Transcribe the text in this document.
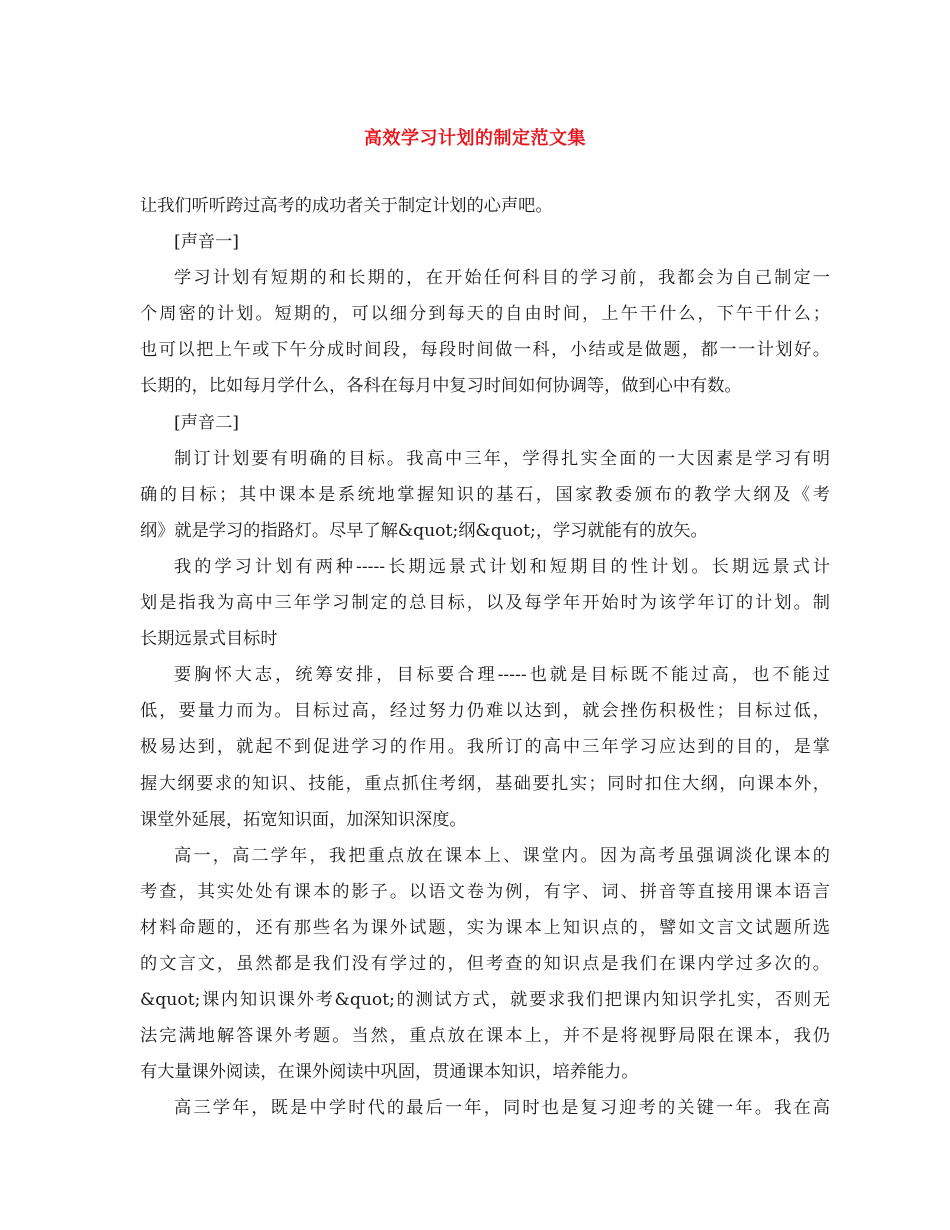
高效学习计划的制定范文集
让我们听听跨过高考的成功者关于制定计划的心声吧。
[声音一]
学习计划有短期的和长期的，在开始任何科目的学习前，我都会为自己制定一
个周密的计划。短期的，可以细分到每天的自由时间，上午干什么，下午干什么；
也可以把上午或下午分成时间段，每段时间做一科，小结或是做题，都一一计划好。
长期的，比如每月学什么，各科在每月中复习时间如何协调等，做到心中有数。
[声音二]
制订计划要有明确的目标。我高中三年，学得扎实全面的一大因素是学习有明
确的目标；其中课本是系统地掌握知识的基石，国家教委颁布的教学大纲及《考
纲》就是学习的指路灯。尽早了解&quot;纲&quot;，学习就能有的放矢。
我的学习计划有两种-----长期远景式计划和短期目的性计划。长期远景式计
划是指我为高中三年学习制定的总目标，以及每学年开始时为该学年订的计划。制
长期远景式目标时
要胸怀大志，统筹安排，目标要合理-----也就是目标既不能过高，也不能过
低，要量力而为。目标过高，经过努力仍难以达到，就会挫伤积极性；目标过低，
极易达到，就起不到促进学习的作用。我所订的高中三年学习应达到的目的，是掌
握大纲要求的知识、技能，重点抓住考纲，基础要扎实；同时扣住大纲，向课本外，
课堂外延展，拓宽知识面，加深知识深度。
高一，高二学年，我把重点放在课本上、课堂内。因为高考虽强调淡化课本的
考查，其实处处有课本的影子。以语文卷为例，有字、词、拼音等直接用课本语言
材料命题的，还有那些名为课外试题，实为课本上知识点的，譬如文言文试题所选
的文言文，虽然都是我们没有学过的，但考查的知识点是我们在课内学过多次的。
&quot;课内知识课外考&quot;的测试方式，就要求我们把课内知识学扎实，否则无
法完满地解答课外考题。当然，重点放在课本上，并不是将视野局限在课本，我仍
有大量课外阅读，在课外阅读中巩固，贯通课本知识，培养能力。
高三学年，既是中学时代的最后一年，同时也是复习迎考的关键一年。我在高
